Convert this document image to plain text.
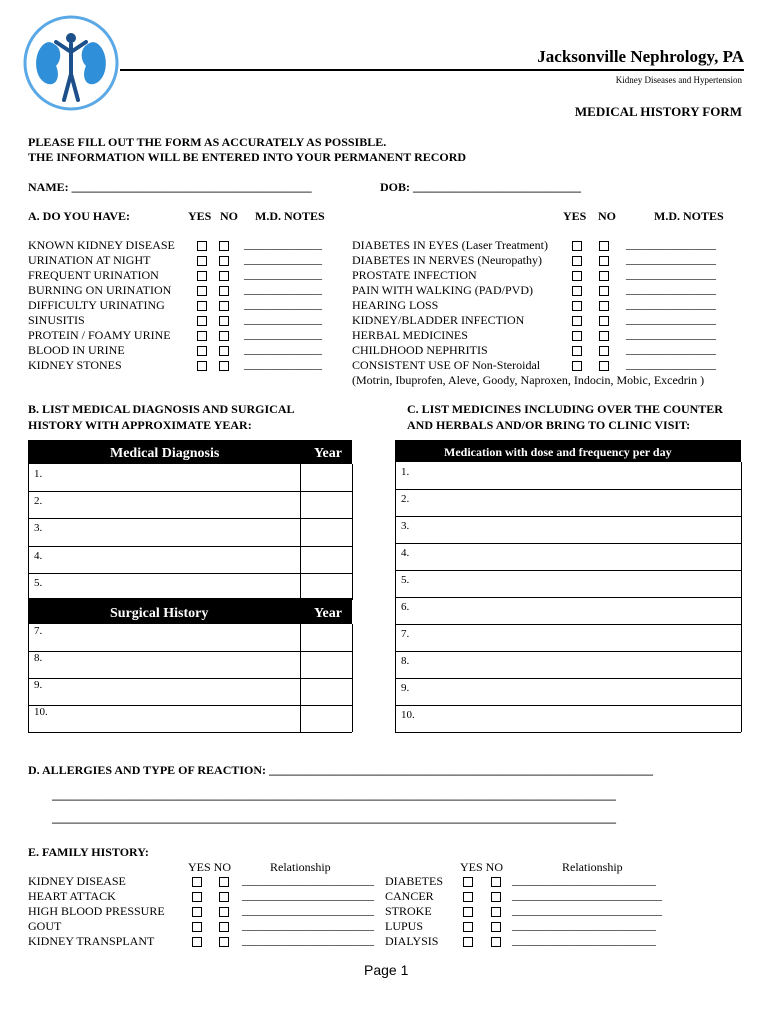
Jacksonville Nephrology, PA
Kidney Diseases and Hypertension
MEDICAL HISTORY FORM
PLEASE FILL OUT THE FORM AS ACCURATELY AS POSSIBLE.
THE INFORMATION WILL BE ENTERED INTO YOUR PERMANENT RECORD
NAME: ________________________________________	DOB: ____________________________
A. DO YOU HAVE:	YES NO M.D. NOTES	YES NO	M.D. NOTES
KNOWN KIDNEY DISEASE	_____________	DIABETES IN EYES (Laser Treatment)	_______________
URINATION AT NIGHT	_____________	DIABETES IN NERVES (Neuropathy)	_______________
FREQUENT URINATION	_____________	PROSTATE INFECTION	_______________
BURNING ON URINATION	_____________	PAIN WITH WALKING (PAD/PVD)	_______________
DIFFICULTY URINATING	_____________	HEARING LOSS	_______________
SINUSITIS	_____________	KIDNEY/BLADDER INFECTION	_______________
PROTEIN / FOAMY URINE	_____________	HERBAL MEDICINES	_______________
BLOOD IN URINE	_____________	CHILDHOOD NEPHRITIS	_______________
KIDNEY STONES	_____________	CONSISTENT USE OF Non-Steroidal	_______________
(Motrin, Ibuprofen, Aleve, Goody, Naproxen, Indocin, Mobic, Excedrin )
B. LIST MEDICAL DIAGNOSIS AND SURGICAL
HISTORY WITH APPROXIMATE YEAR:
C. LIST MEDICINES INCLUDING OVER THE COUNTER
AND HERBALS AND/OR BRING TO CLINIC VISIT:
Medical Diagnosis	Year
1.
2.
3.
4.
5.
Surgical History	Year
7.
8.
9.
10.
Medication with dose and frequency per day
1.
2.
3.
4.
5.
6.
7.
8.
9.
10.
D. ALLERGIES AND TYPE OF REACTION: ________________________________________________________________
______________________________________________________________________________________________
______________________________________________________________________________________________
E. FAMILY HISTORY:
YES NO	Relationship	YES NO	Relationship
KIDNEY DISEASE	______________________ DIABETES	________________________
HEART ATTACK	______________________ CANCER	_________________________
HIGH BLOOD PRESSURE	______________________ STROKE	_________________________
GOUT	______________________ LUPUS	________________________
KIDNEY TRANSPLANT	______________________ DIALYSIS	________________________
Page 1
